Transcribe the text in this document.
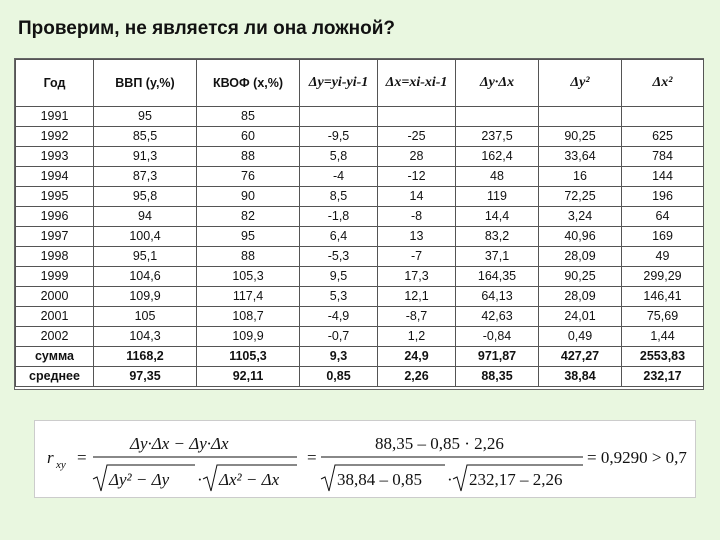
Проверим, не является ли она ложной?
Год	ВВП (y,%)	КВОФ (x,%)	Δy=yi-yi-1	Δx=xi-xi-1	Δy·Δx	Δy²	Δx²
1991	95	85					
1992	85,5	60	-9,5	-25	237,5	90,25	625
1993	91,3	88	5,8	28	162,4	33,64	784
1994	87,3	76	-4	-12	48	16	144
1995	95,8	90	8,5	14	119	72,25	196
1996	94	82	-1,8	-8	14,4	3,24	64
1997	100,4	95	6,4	13	83,2	40,96	169
1998	95,1	88	-5,3	-7	37,1	28,09	49
1999	104,6	105,3	9,5	17,3	164,35	90,25	299,29
2000	109,9	117,4	5,3	12,1	64,13	28,09	146,41
2001	105	108,7	-4,9	-8,7	42,63	24,01	75,69
2002	104,3	109,9	-0,7	1,2	-0,84	0,49	1,44
сумма	1168,2	1105,3	9,3	24,9	971,87	427,27	2553,83
среднее	97,35	92,11	0,85	2,26	88,35	38,84	232,17
r xy =
Δy·Δx − Δy·Δx
Δy² − Δy · Δx² − Δx
=
88,35 – 0,85 · 2,26
38,84 – 0,85 · 232,17 – 2,26
= 0,9290 > 0,7
